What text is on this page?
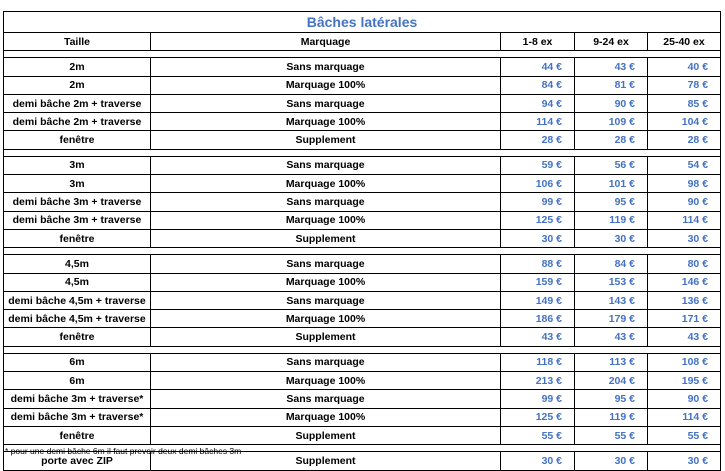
Bâches latérales				
Taille	Marquage	1-8 ex	9-24 ex	25-40 ex

2m	Sans marquage	44 €	43 €	40 €
2m	Marquage 100%	84 €	81 €	78 €
demi bâche 2m + traverse	Sans marquage	94 €	90 €	85 €
demi bâche 2m + traverse	Marquage 100%	114 €	109 €	104 €
fenêtre	Supplement	28 €	28 €	28 €

3m	Sans marquage	59 €	56 €	54 €
3m	Marquage 100%	106 €	101 €	98 €
demi bâche 3m + traverse	Sans marquage	99 €	95 €	90 €
demi bâche 3m + traverse	Marquage 100%	125 €	119 €	114 €
fenêtre	Supplement	30 €	30 €	30 €

4,5m	Sans marquage	88 €	84 €	80 €
4,5m	Marquage 100%	159 €	153 €	146 €
demi bâche 4,5m + traverse	Sans marquage	149 €	143 €	136 €
demi bâche 4,5m + traverse	Marquage 100%	186 €	179 €	171 €
fenêtre	Supplement	43 €	43 €	43 €

6m	Sans marquage	118 €	113 €	108 €
6m	Marquage 100%	213 €	204 €	195 €
demi bâche 3m + traverse*	Sans marquage	99 €	95 €	90 €
demi bâche 3m + traverse*	Marquage 100%	125 €	119 €	114 €
fenêtre	Supplement	55 €	55 €	55 €

porte avec ZIP	Supplement	30 €	30 €	30 €
* pour une demi bâche 6m il faut prevoir deux demi bâches 3m
